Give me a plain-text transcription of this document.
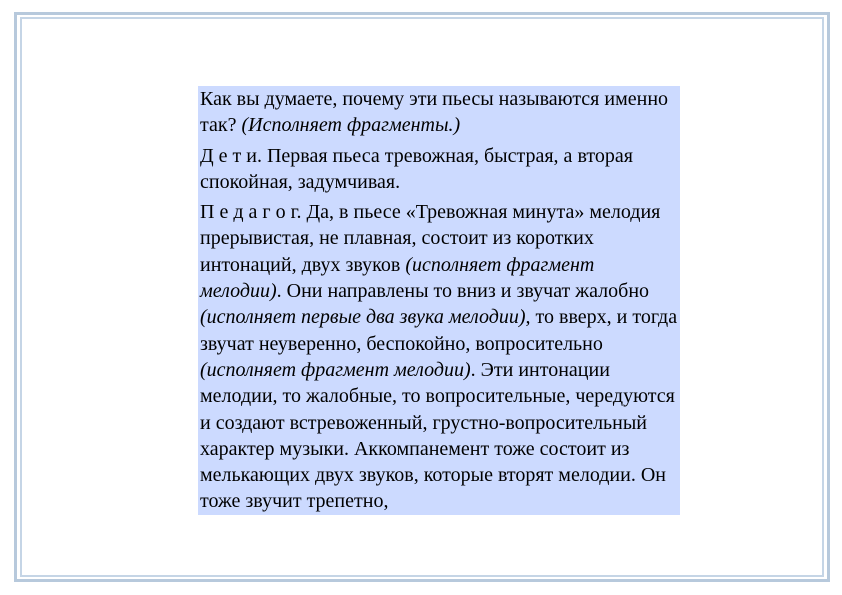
Как вы думаете, почему эти пьесы называются именно так? (Исполняет фрагменты.)

Д е т и. Первая пьеса тревожная, быстрая, а вторая спокойная, задумчивая.

П е д а г о г. Да, в пьесе «Тревожная минута» мелодия прерывистая, не плавная, состоит из коротких интонаций, двух звуков (исполняет фрагмент мелодии). Они направлены то вниз и звучат жалобно (исполняет первые два звука мелодии), то вверх, и тогда звучат неуверенно, беспокойно, вопросительно (исполняет фрагмент мелодии). Эти интонации мелодии, то жалобные, то вопросительные, чередуются и создают встревоженный, грустно-вопросительный характер музыки. Аккомпанемент тоже состоит из мелькающих двух звуков, которые вторят мелодии. Он тоже звучит трепетно,
